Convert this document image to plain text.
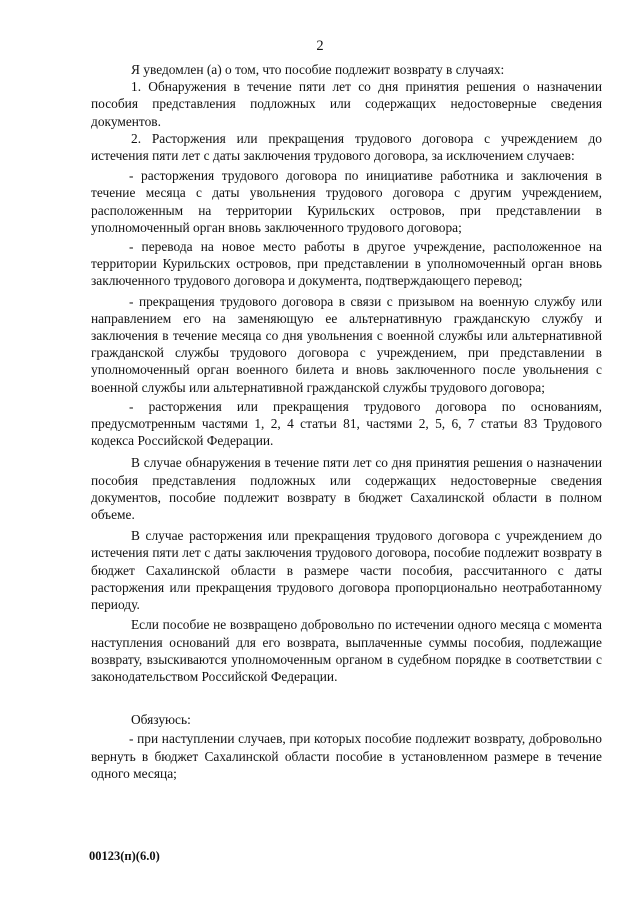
2

Я уведомлен (а) о том, что пособие подлежит возврату в случаях:

1. Обнаружения в течение пяти лет со дня принятия решения о назначении пособия представления подложных или содержащих недостоверные сведения документов.

2. Расторжения или прекращения трудового договора с учреждением до истечения пяти лет с даты заключения трудового договора, за исключением случаев:

- расторжения трудового договора по инициативе работника и заключения в течение месяца с даты увольнения трудового договора с другим учреждением, расположенным на территории Курильских островов, при представлении в уполномоченный орган вновь заключенного трудового договора;

- перевода на новое место работы в другое учреждение, расположенное на территории Курильских островов, при представлении в уполномоченный орган вновь заключенного трудового договора и документа, подтверждающего перевод;

- прекращения трудового договора в связи с призывом на военную службу или направлением его на заменяющую ее альтернативную гражданскую службу и заключения в течение месяца со дня увольнения с военной службы или альтернативной гражданской службы трудового договора с учреждением, при представлении в уполномоченный орган военного билета и вновь заключенного после увольнения с военной службы или альтернативной гражданской службы трудового договора;

- расторжения или прекращения трудового договора по основаниям, предусмотренным частями 1, 2, 4 статьи 81, частями 2, 5, 6, 7 статьи 83 Трудового кодекса Российской Федерации.

В случае обнаружения в течение пяти лет со дня принятия решения о назначении пособия представления подложных или содержащих недостоверные сведения документов, пособие подлежит возврату в бюджет Сахалинской области в полном объеме.

В случае расторжения или прекращения трудового договора с учреждением до истечения пяти лет с даты заключения трудового договора, пособие подлежит возврату в бюджет Сахалинской области в размере части пособия, рассчитанного с даты расторжения или прекращения трудового договора пропорционально неотработанному периоду.

Если пособие не возвращено добровольно по истечении одного месяца с момента наступления оснований для его возврата, выплаченные суммы пособия, подлежащие возврату, взыскиваются уполномоченным органом в судебном порядке в соответствии с законодательством Российской Федерации.

Обязуюсь:

- при наступлении случаев, при которых пособие подлежит возврату, добровольно вернуть в бюджет Сахалинской области пособие в установленном размере в течение одного месяца;

00123(п)(6.0)
